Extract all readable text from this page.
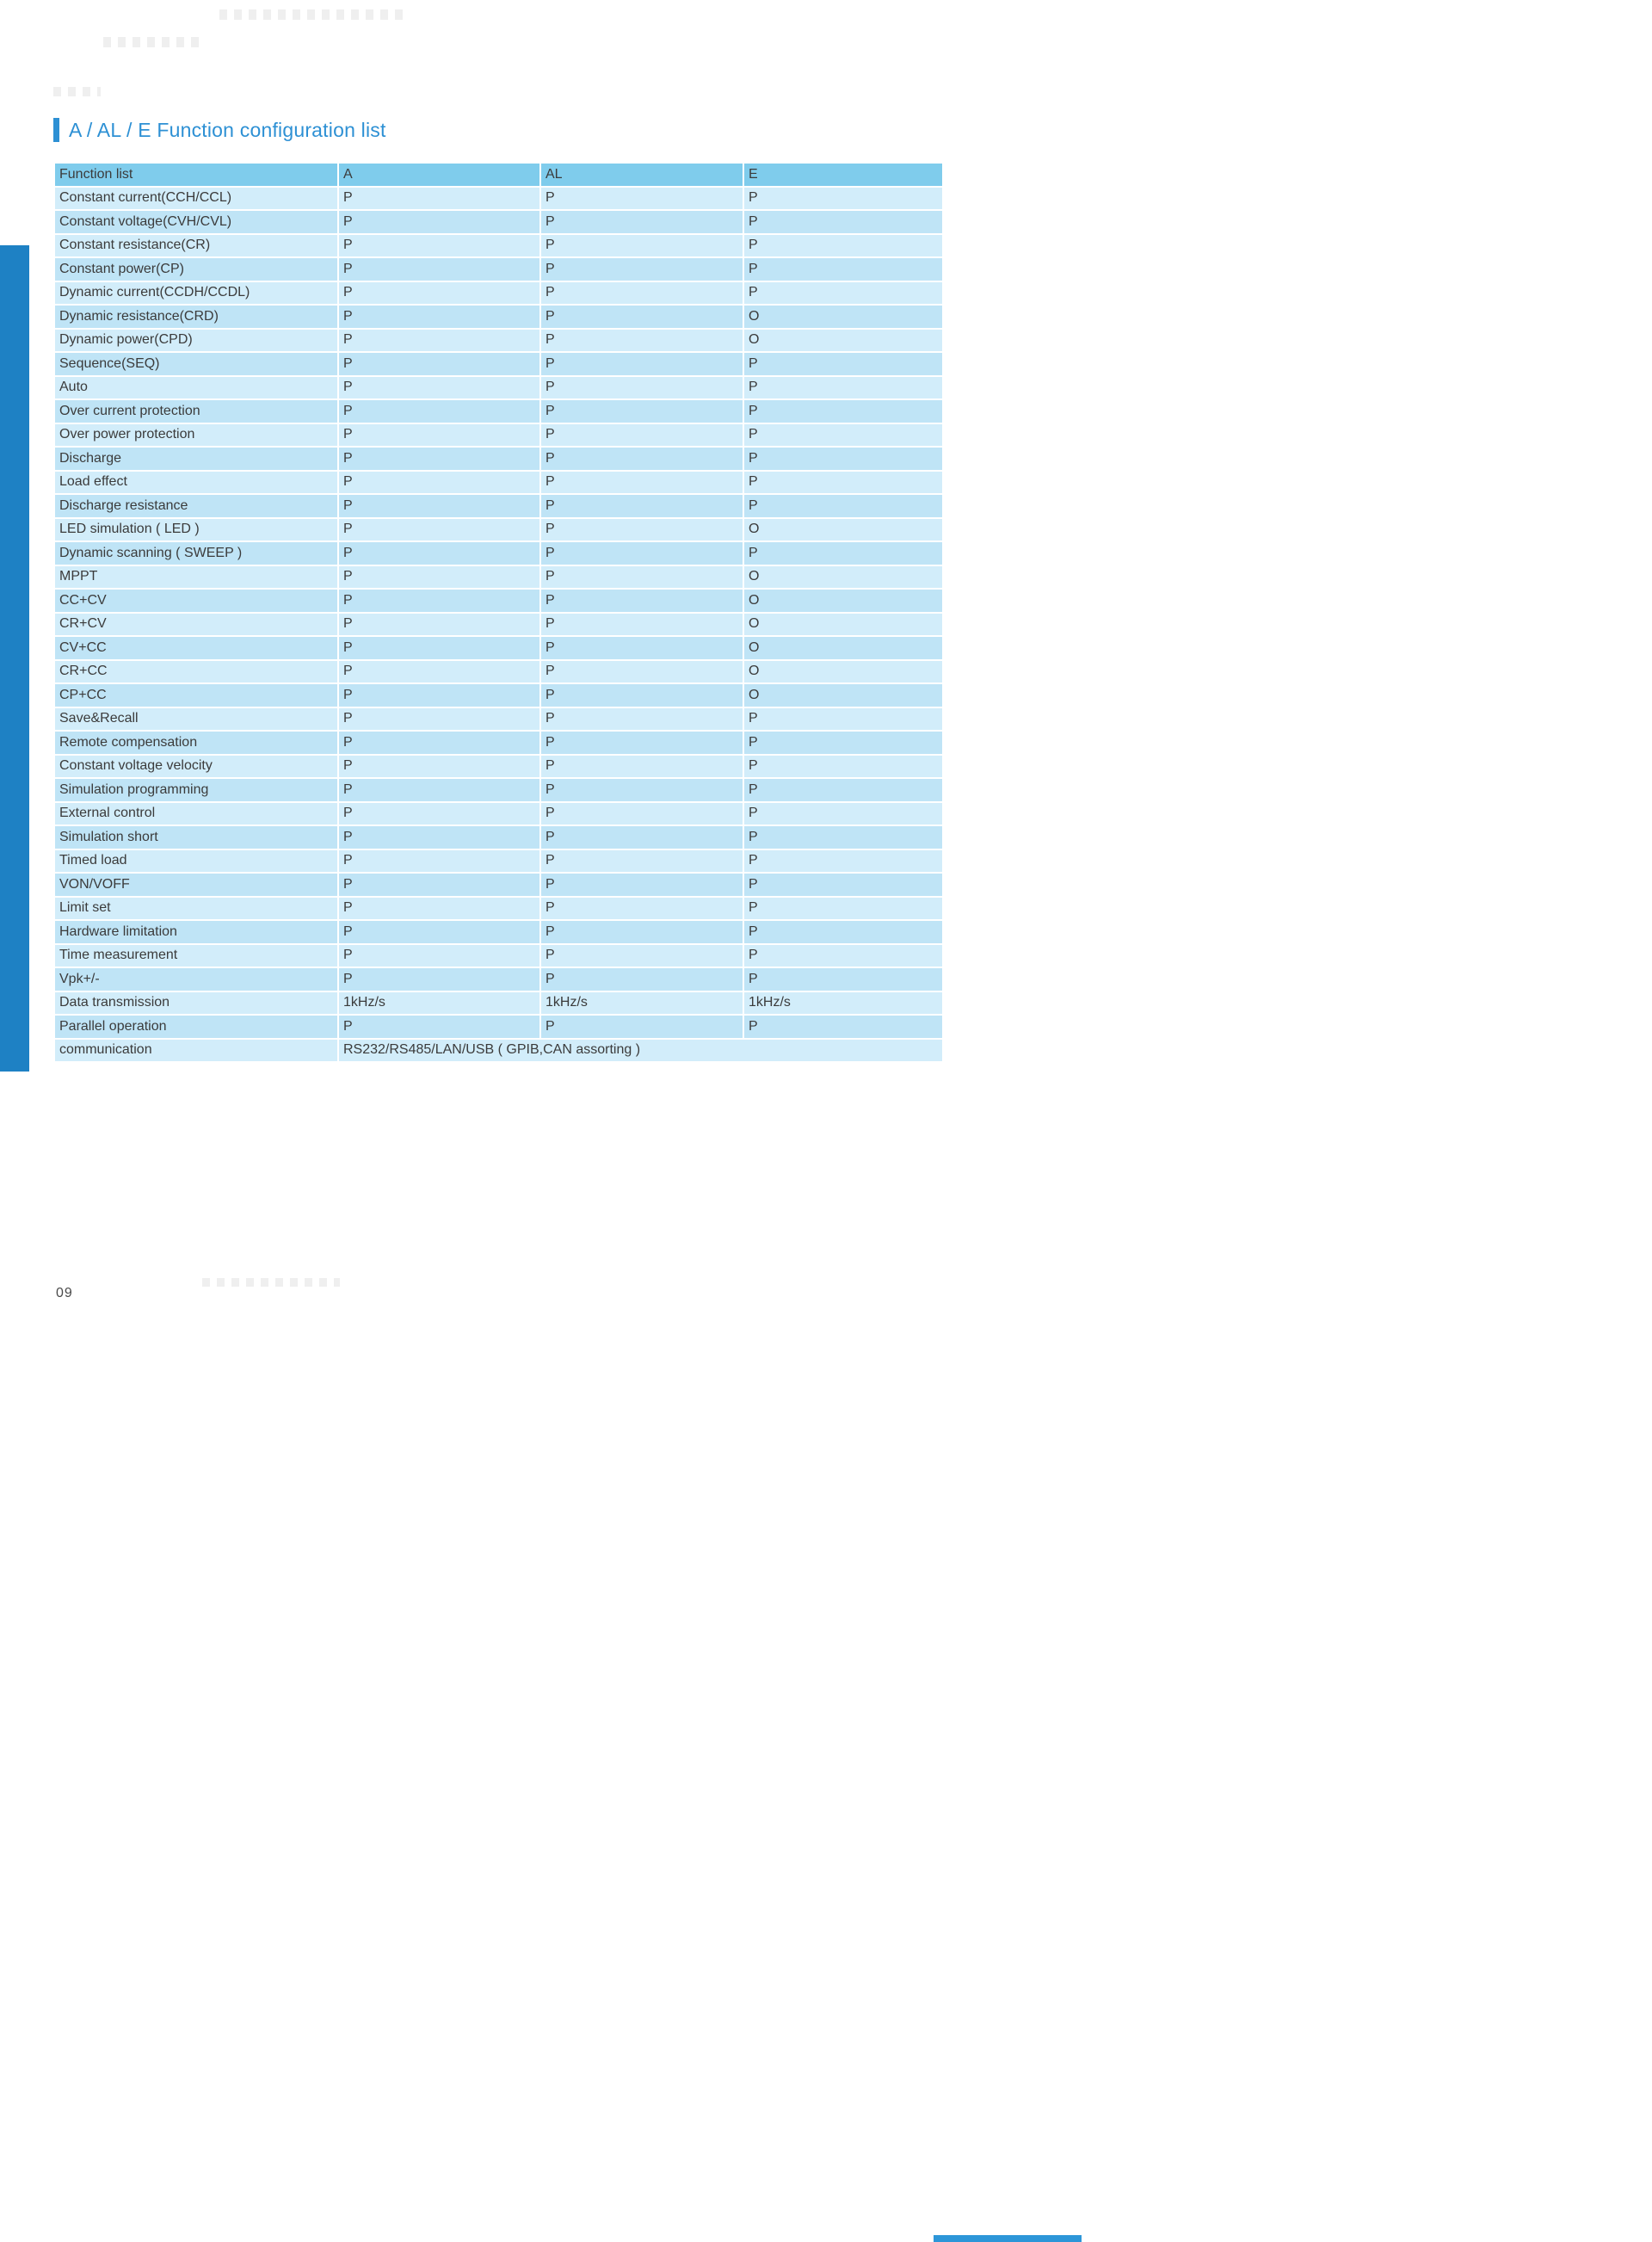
A / AL / E Function configuration list
Function list	A	AL	E
Constant current(CCH/CCL)	P	P	P
Constant voltage(CVH/CVL)	P	P	P
Constant resistance(CR)	P	P	P
Constant power(CP)	P	P	P
Dynamic current(CCDH/CCDL)	P	P	P
Dynamic resistance(CRD)	P	P	O
Dynamic power(CPD)	P	P	O
Sequence(SEQ)	P	P	P
Auto	P	P	P
Over current protection	P	P	P
Over power protection	P	P	P
Discharge	P	P	P
Load effect	P	P	P
Discharge resistance	P	P	P
LED simulation ( LED )	P	P	O
Dynamic scanning ( SWEEP )	P	P	P
MPPT	P	P	O
CC+CV	P	P	O
CR+CV	P	P	O
CV+CC	P	P	O
CR+CC	P	P	O
CP+CC	P	P	O
Save&Recall	P	P	P
Remote compensation	P	P	P
Constant voltage velocity	P	P	P
Simulation programming	P	P	P
External control	P	P	P
Simulation short	P	P	P
Timed load	P	P	P
VON/VOFF	P	P	P
Limit set	P	P	P
Hardware limitation	P	P	P
Time measurement	P	P	P
Vpk+/-	P	P	P
Data transmission	1kHz/s	1kHz/s	1kHz/s
Parallel operation	P	P	P
communication	RS232/RS485/LAN/USB ( GPIB,CAN assorting )		
09
